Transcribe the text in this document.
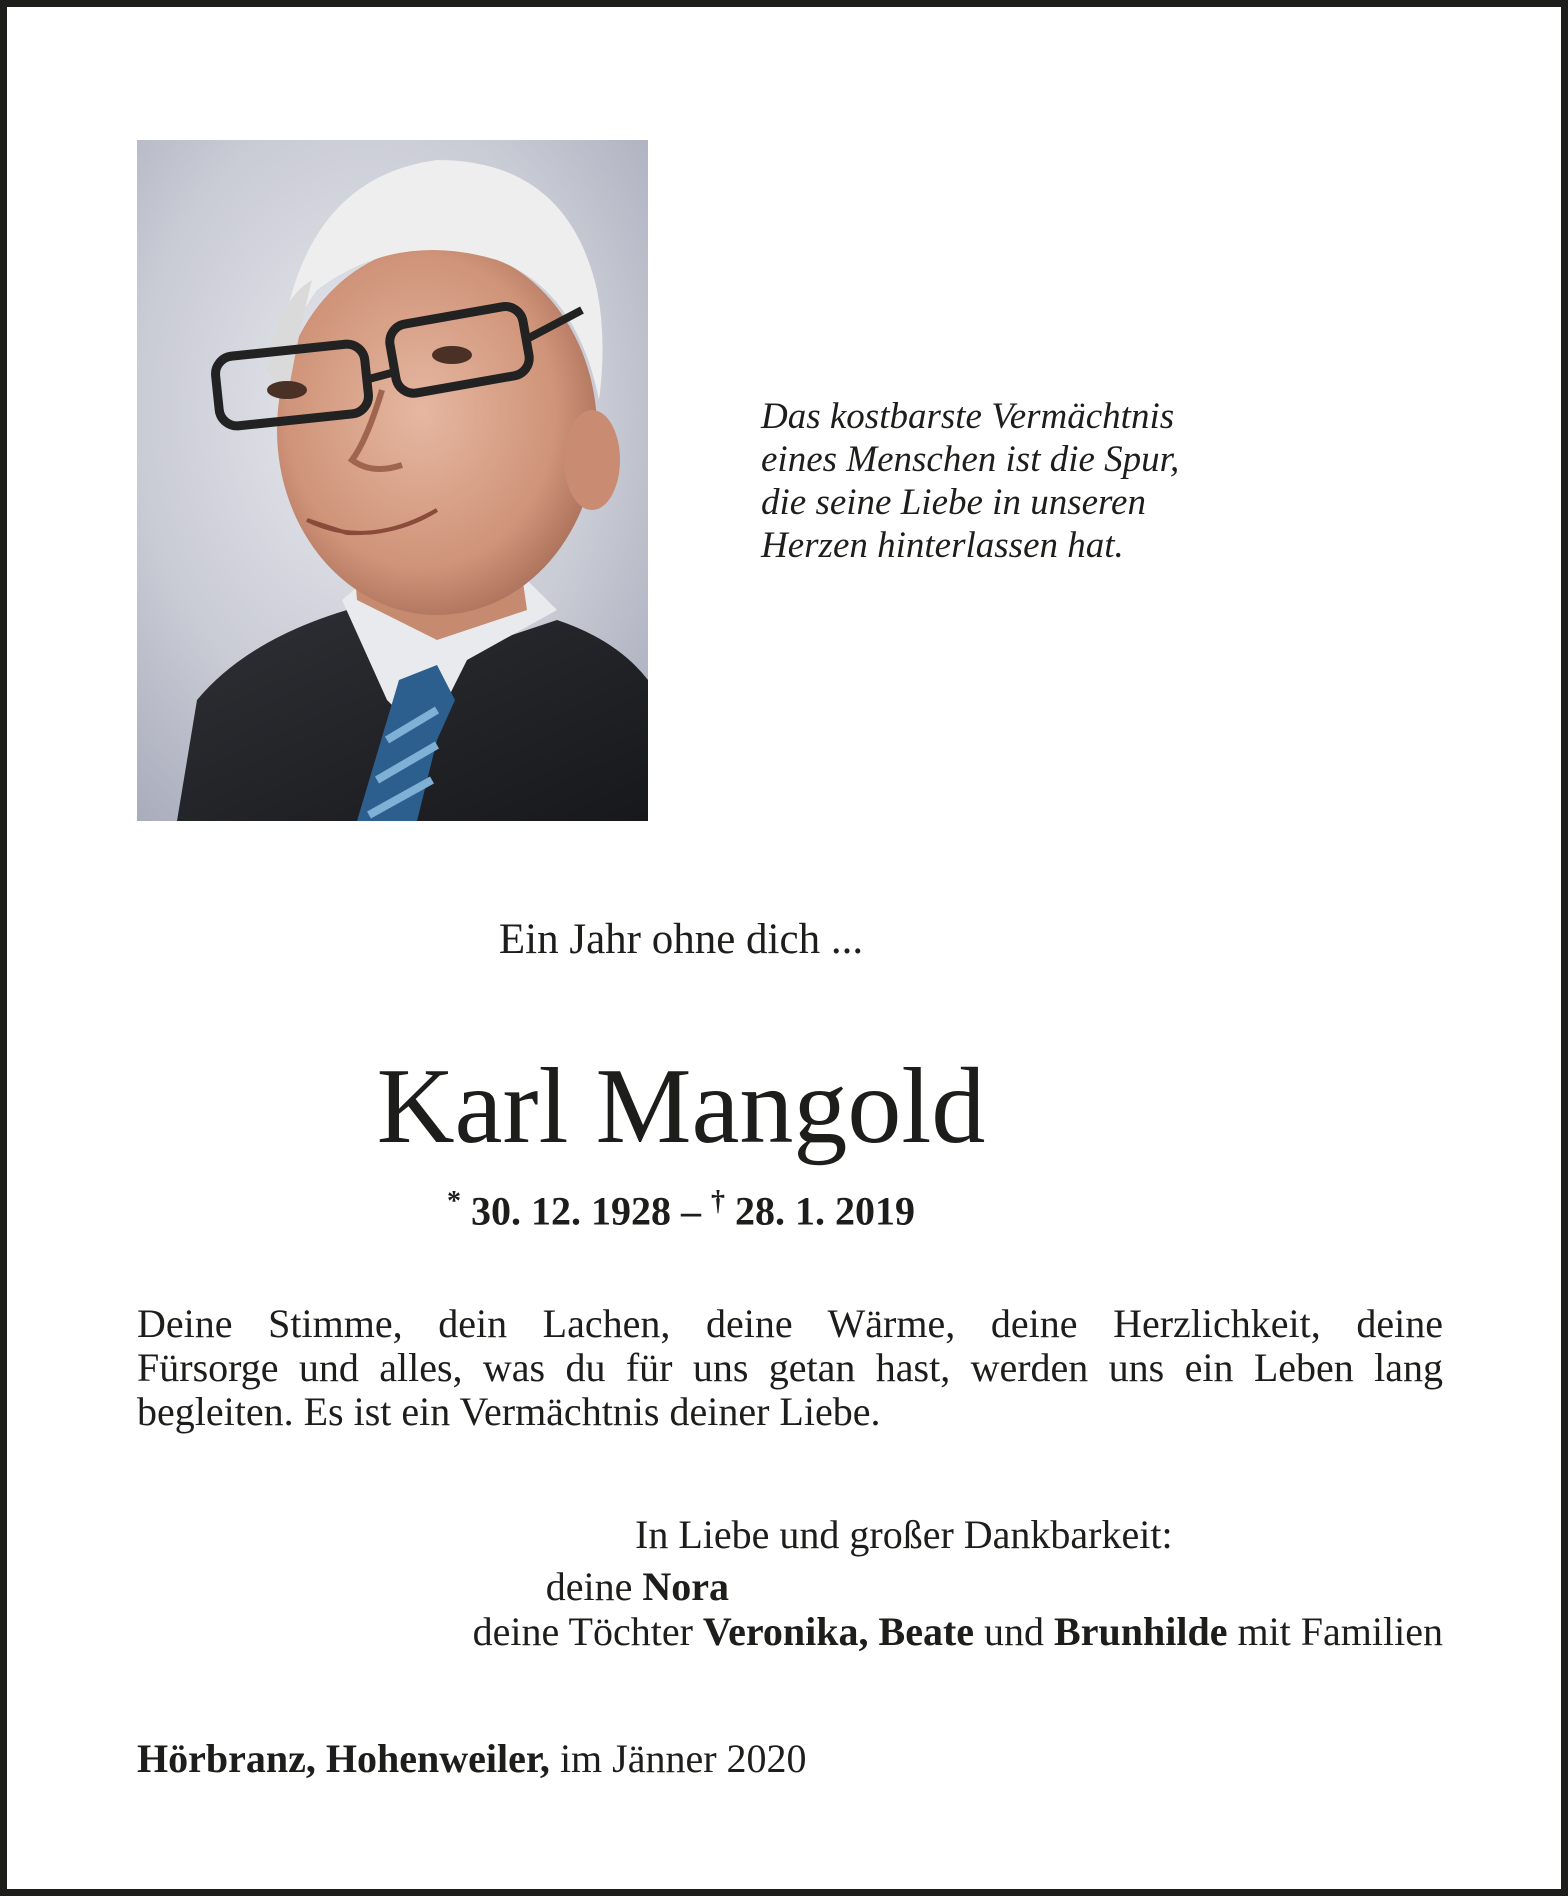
Das kostbarste Vermächtnis
eines Menschen ist die Spur,
die seine Liebe in unseren
Herzen hinterlassen hat.
Ein Jahr ohne dich ...
Karl Mangold
* 30. 12. 1928 – † 28. 1. 2019
Deine Stimme, dein Lachen, deine Wärme, deine Herzlichkeit, deine
Fürsorge und alles, was du für uns getan hast, werden uns ein Leben lang
begleiten. Es ist ein Vermächtnis deiner Liebe.
In Liebe und großer Dankbarkeit:
deine Nora
deine Töchter Veronika, Beate und Brunhilde mit Familien
Hörbranz, Hohenweiler, im Jänner 2020
